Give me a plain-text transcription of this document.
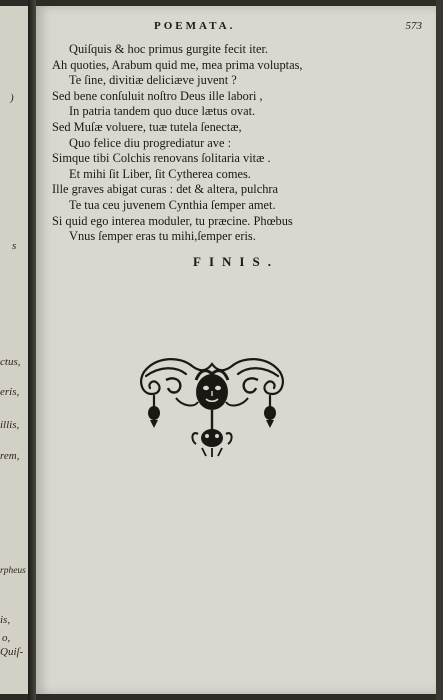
)
s
ctus,
eris,
illis,
rem,
rpheus
is,
o,
Quiſ-
POEMATA.	573
Quiſquis & hoc primus gurgite fecit iter.
Ah quoties, Arabum quid me, mea prima voluptas,
Te ſine, divitiæ deliciæve juvent ?
Sed bene conſuluit noſtro Deus ille labori ,
In patria tandem quo duce lætus ovat.
Sed Muſæ voluere, tuæ tutela ſenectæ,
Quo felice diu progrediatur ave :
Simque tibi Colchis renovans ſolitaria vitæ .
Et mihi ſit Liber, ſit Cytherea comes.
Ille graves abigat curas : det & altera, pulchra
Te tua ceu juvenem Cynthia ſemper amet.
Si quid ego interea moduler, tu præcine. Phœbus
Vnus ſemper eras tu mihi,ſemper eris.
FINIS.
